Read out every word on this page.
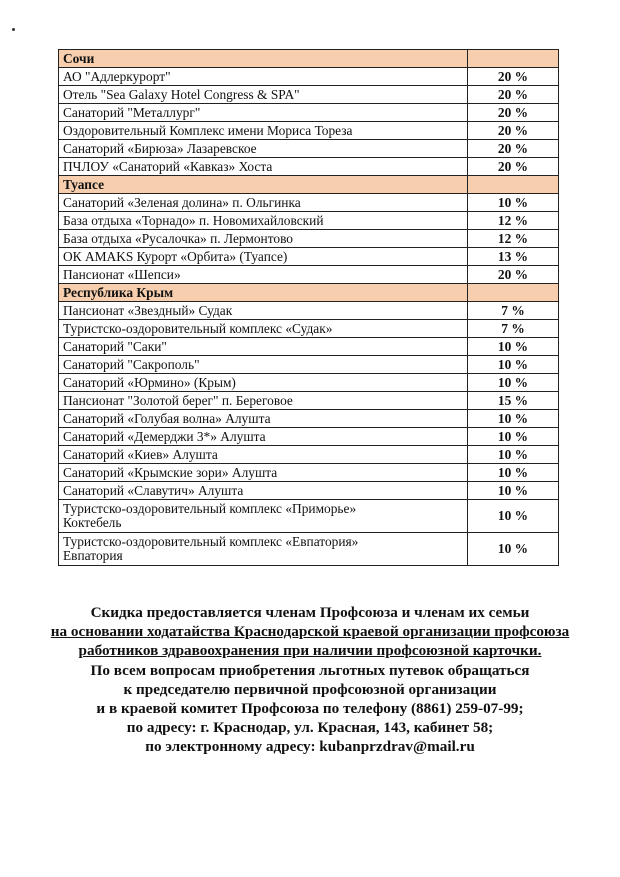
Сочи	
АО "Адлеркурорт"	20 %
Отель "Sea Galaxy Hotel Congress & SPA"	20 %
Санаторий "Металлург"	20 %
Оздоровительный Комплекс имени Мориса Тореза	20 %
Санаторий «Бирюза» Лазаревское	20 %
ПЧЛОУ «Санаторий «Кавказ» Хоста	20 %
Туапсе	
Санаторий «Зеленая долина» п. Ольгинка	10 %
База отдыха «Торнадо» п. Новомихайловский	12 %
База отдыха «Русалочка» п. Лермонтово	12 %
ОК AMAKS Курорт «Орбита» (Туапсе)	13 %
Пансионат «Шепси»	20 %
Республика Крым	
Пансионат «Звездный» Судак	7 %
Туристско-оздоровительный комплекс «Судак»	7 %
Санаторий "Саки"	10 %
Санаторий "Сакрополь"	10 %
Санаторий «Юрмино» (Крым)	10 %
Пансионат "Золотой берег" п. Береговое	15 %
Санаторий «Голубая волна» Алушта	10 %
Санаторий «Демерджи 3*» Алушта	10 %
Санаторий «Киев» Алушта	10 %
Санаторий «Крымские зори» Алушта	10 %
Санаторий «Славутич» Алушта	10 %
Туристско-оздоровительный комплекс «Приморье»
Коктебель	10 %
Туристско-оздоровительный комплекс «Евпатория»
Евпатория	10 %
Скидка предоставляется членам Профсоюза и членам их семьи
на основании ходатайства Краснодарской краевой организации профсоюза
работников здравоохранения при наличии профсоюзной карточки.
По всем вопросам приобретения льготных путевок обращаться
к председателю первичной профсоюзной организации
и в краевой комитет Профсоюза по телефону (8861) 259-07-99;
по адресу: г. Краснодар, ул. Красная, 143, кабинет 58;
по электронному адресу: kubanprzdrav@mail.ru
